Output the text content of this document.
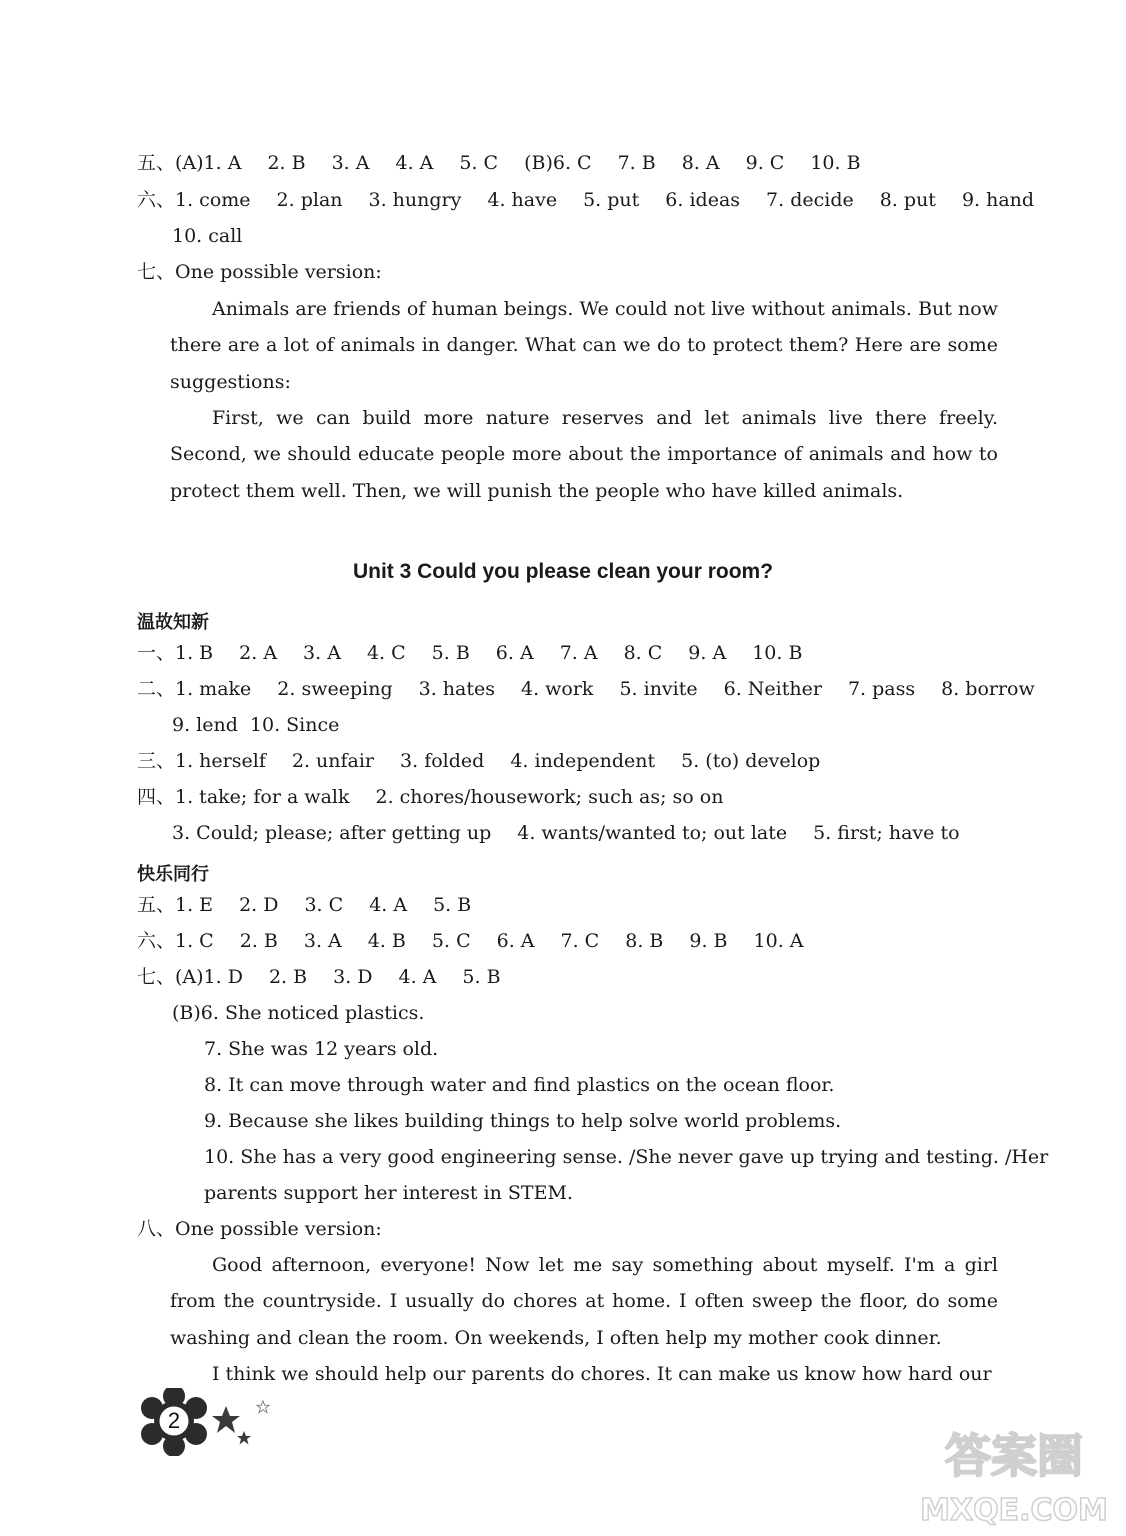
五、 (A)1. A 2. B 3. A 4. A 5. C (B)6. C 7. B 8. A 9. C 10. B
六、 1. come 2. plan 3. hungry 4. have 5. put 6. ideas 7. decide 8. put 9. hand
10. call
七、 One possible version:
Animals are friends of human beings. We could not live without animals. But now there are a lot of animals in danger. What can we do to protect them? Here are some suggestions:
First, we can build more nature reserves and let animals live there freely. Second, we should educate people more about the importance of animals and how to protect them well. Then, we will punish the people who have killed animals.
Unit 3 Could you please clean your room?
温故知新
一、 1. B 2. A 3. A 4. C 5. B 6. A 7. A 8. C 9. A 10. B
二、 1. make 2. sweeping 3. hates 4. work 5. invite 6. Neither 7. pass 8. borrow
9. lend 10. Since
三、 1. herself 2. unfair 3. folded 4. independent 5. (to) develop
四、 1. take; for a walk 2. chores/housework; such as; so on
3. Could; please; after getting up 4. wants/wanted to; out late 5. first; have to
快乐同行
五、 1. E 2. D 3. C 4. A 5. B
六、 1. C 2. B 3. A 4. B 5. C 6. A 7. C 8. B 9. B 10. A
七、 (A)1. D 2. B 3. D 4. A 5. B
(B)6. She noticed plastics.
7. She was 12 years old.
8. It can move through water and find plastics on the ocean floor.
9. Because she likes building things to help solve world problems.
10. She has a very good engineering sense. /She never gave up trying and testing. /Her
parents support her interest in STEM.
八、 One possible version:
Good afternoon, everyone! Now let me say something about myself. I'm a girl from the countryside. I usually do chores at home. I often sweep the floor, do some washing and clean the room. On weekends, I often help my mother cook dinner.
I think we should help our parents do chores. It can make us know how hard our
2
答案圈
MXQE.COM
